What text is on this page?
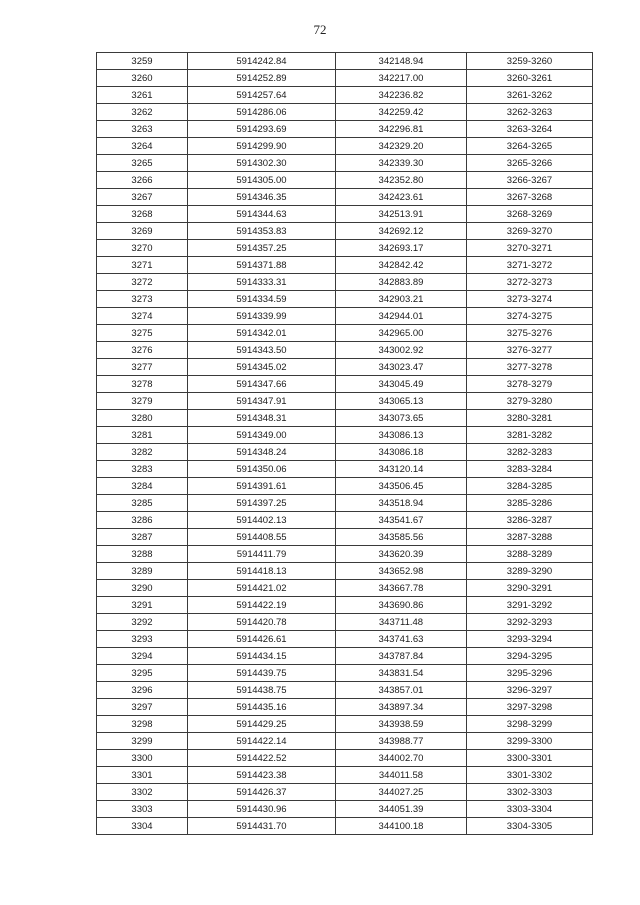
72
3259	5914242.84	342148.94	3259-3260
3260	5914252.89	342217.00	3260-3261
3261	5914257.64	342236.82	3261-3262
3262	5914286.06	342259.42	3262-3263
3263	5914293.69	342296.81	3263-3264
3264	5914299.90	342329.20	3264-3265
3265	5914302.30	342339.30	3265-3266
3266	5914305.00	342352.80	3266-3267
3267	5914346.35	342423.61	3267-3268
3268	5914344.63	342513.91	3268-3269
3269	5914353.83	342692.12	3269-3270
3270	5914357.25	342693.17	3270-3271
3271	5914371.88	342842.42	3271-3272
3272	5914333.31	342883.89	3272-3273
3273	5914334.59	342903.21	3273-3274
3274	5914339.99	342944.01	3274-3275
3275	5914342.01	342965.00	3275-3276
3276	5914343.50	343002.92	3276-3277
3277	5914345.02	343023.47	3277-3278
3278	5914347.66	343045.49	3278-3279
3279	5914347.91	343065.13	3279-3280
3280	5914348.31	343073.65	3280-3281
3281	5914349.00	343086.13	3281-3282
3282	5914348.24	343086.18	3282-3283
3283	5914350.06	343120.14	3283-3284
3284	5914391.61	343506.45	3284-3285
3285	5914397.25	343518.94	3285-3286
3286	5914402.13	343541.67	3286-3287
3287	5914408.55	343585.56	3287-3288
3288	5914411.79	343620.39	3288-3289
3289	5914418.13	343652.98	3289-3290
3290	5914421.02	343667.78	3290-3291
3291	5914422.19	343690.86	3291-3292
3292	5914420.78	343711.48	3292-3293
3293	5914426.61	343741.63	3293-3294
3294	5914434.15	343787.84	3294-3295
3295	5914439.75	343831.54	3295-3296
3296	5914438.75	343857.01	3296-3297
3297	5914435.16	343897.34	3297-3298
3298	5914429.25	343938.59	3298-3299
3299	5914422.14	343988.77	3299-3300
3300	5914422.52	344002.70	3300-3301
3301	5914423.38	344011.58	3301-3302
3302	5914426.37	344027.25	3302-3303
3303	5914430.96	344051.39	3303-3304
3304	5914431.70	344100.18	3304-3305
